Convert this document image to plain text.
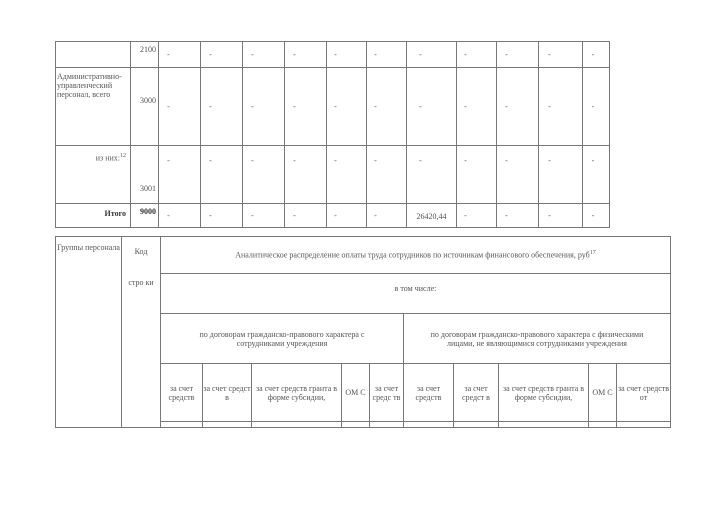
	2100	-	-	-	-	-	-	-	-	-	-	-	
Административно-управленческий персонал, всего	3000	-	-	-	-	-	-	-	-	-	-	-	
из них:$^{12}$	3001	-	-	-	-	-	-	-	-	-	-	-	
Итого	9000	-	-	-	-	-	-	26420,44	-	-	-	-	
Группы персонала	Код	Аналитическое распределение оплаты труда сотрудников по источникам финансового обеспечения, руб$^{17}$
	стро ки	в том числе:									
		по договорам гражданско-правового характера с сотрудниками учреждения					по договорам гражданско-правового характера с физическими лицами, не являющимися сотрудниками учреждения				
		за счет средств	за счет средст в	за счет средств гранта в форме субсидии,	ОМ С	за счет средс тв	за счет средств	за счет средст в	за счет средств гранта в форме субсидии,	ОМ С	за счет средств от
